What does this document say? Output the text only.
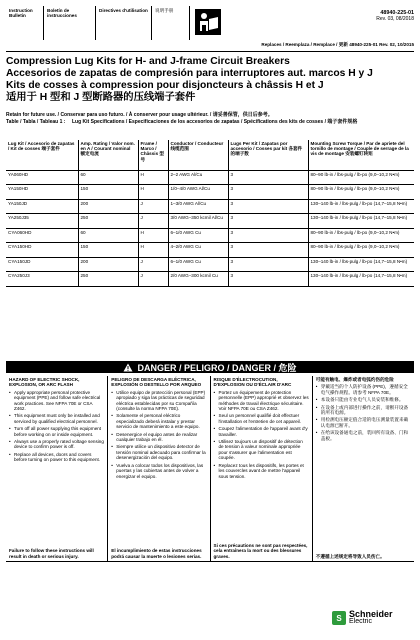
Instruction Bulletin
Boletín de instrucciones
Directives d'utilisation	说明手册	48940-225-01
Rev. 03, 08/2018
Replaces / Reemplaza / Remplace / 更新 48940-225-01 Rev. 02, 10/2015
Compression Lug Kits for H- and J-frame Circuit Breakers
Accesorios de zapatas de compresión para interruptores aut. marcos H y J
Kits de cosses à compression pour disjoncteurs à châssis H et J
适用于 H 型和 J 型断路器的压线端子套件
Retain for future use. / Conservar para uso futuro. / À conserver pour usage ultérieur. / 请妥善保管，供日后参考。
Table / Tabla / Tableau 1 :	Lug Kit Specifications / Especificaciones de los accesorios de zapatas / Spécifications des kits de cosses / 端子套件规格
Lug Kit / Accesorio de zapatas / Kit de cosses 端子套件	Amp. Rating / Valor nom. en A / Courant nominal 额定电流	Frame / Marco / Châssis 型号	Conductor / Conducteur 线缆范围	Lugs Per Kit / Zapatas por accesorio / Cosses par kit 各套件的端子数	Mounting Screw Torque / Par de apriete del tornillo de montage / Couple de serrage de la vis de montage 安装螺钉转矩
YA060HD	60	H	2–2 AWG Al/Cu	3	80–90 lb-in / lbs-pulg / lb-po (9,0–10,2 N•m)
YA150HD	150	H	1/0–4/0 AWG Al/Cu	3	80–90 lb-in / lbs-pulg / lb-po (9,0–10,2 N•m)
YA150JD	200	J	1–3/0 AWG Al/Cu	3	130–140 lb-in / lbs-pulg / lb-po (14,7–15,8 N•m)
YA250J35	250	J	3/0 AWG–350 kcmil Al/Cu	3	130–140 lb-in / lbs-pulg / lb-po (14,7–15,8 N•m)
CYA060HD	60	H	6–1/0 AWG Cu	3	80–90 lb-in / lbs-pulg / lb-po (9,0–10,2 N•m)
CYA150HD	150	H	4–2/0 AWG Cu	3	80–90 lb-in / lbs-pulg / lb-po (9,0–10,2 N•m)
CYA150JD	200	J	6–1/0 AWG Cu	3	130–140 lb-in / lbs-pulg / lb-po (14,7–15,8 N•m)
CYA250J3	250	J	2/0 AWG–300 kcmil Cu	3	130–140 lb-in / lbs-pulg / lb-po (14,7–15,8 N•m)
DANGER / PELIGRO / DANGER / 危险
HAZARD OF ELECTRIC SHOCK, EXPLOSION, OR ARC FLASH
• Apply appropriate personal protective equipment (PPE) and follow safe electrical work practices. See NFPA 70E or CSA Z462.
• This equipment must only be installed and serviced by qualified electrical personnel.
• Turn off all power supplying this equipment before working on or inside equipment.
• Always use a properly rated voltage sensing device to confirm power is off.
• Replace all devices, doors and covers before turning on power to this equipment.
Failure to follow these instructions will result in death or serious injury.
PELIGRO DE DESCARGA ELÉCTRICA, EXPLOSIÓN O DESTELLO POR ARQUEO
• Utilice equipo de protección personal (EPP) apropiado y siga las prácticas de seguridad eléctrica establecidas por su Compañía (consulte la norma NFPA 70E).
• Solamente el personal eléctrico especializado deberá instalar y prestar servicio de mantenimiento a este equipo.
• Desenergice el equipo antes de realizar cualquier trabajo en él.
• Siempre utilice un dispositivo detector de tensión nominal adecuado para confirmar la desenergización del equipo.
• Vuelva a colocar todos los dispositivos, las puertas y las cubiertas antes de volver a energizar el equipo.
El incumplimiento de estas instrucciones podrá causar la muerte o lesiones serias.
RISQUE D'ÉLECTROCUTION, D'EXPLOSION OU D'ÉCLAIR D'ARC
• Portez un équipement de protection personnelle (EPP) approprié et observez les méthodes de travail électrique sécuritaire. Voir NFPA 70E ou CSA Z462.
• Seul un personnel qualifié doit effectuer l'installation et l'entretien de cet appareil.
• Coupez l'alimentation de l'appareil avant d'y travailler.
• Utilisez toujours un dispositif de détection de tension à valeur nominale appropriée pour s'assurer que l'alimentation est coupée.
• Replacez tous les dispositifs, les portes et les couvercles avant de mettre l'appareil sous tension.
Si ces précautions ne sont pas respectées, cela entraînera la mort ou des blessures graves.
可能有触电、爆炸或者电弧灼伤的危险
• 穿戴适当的个人防护设备 (PPE)，遵循安全电气操作规程。请参考 NFPA 70E。
• 本设备只能由专业电气人员安装和维修。
• 在设备上或内部进行操作之前，请断开设备的所有电源。
• 用检测电压额定值合适的电压测量装置来确认电源已断开。
• 在给该设备通电之前，装回所有设备、门和盖板。
不遵循上述规定将导致人员伤亡。
S Schneider
Electric
